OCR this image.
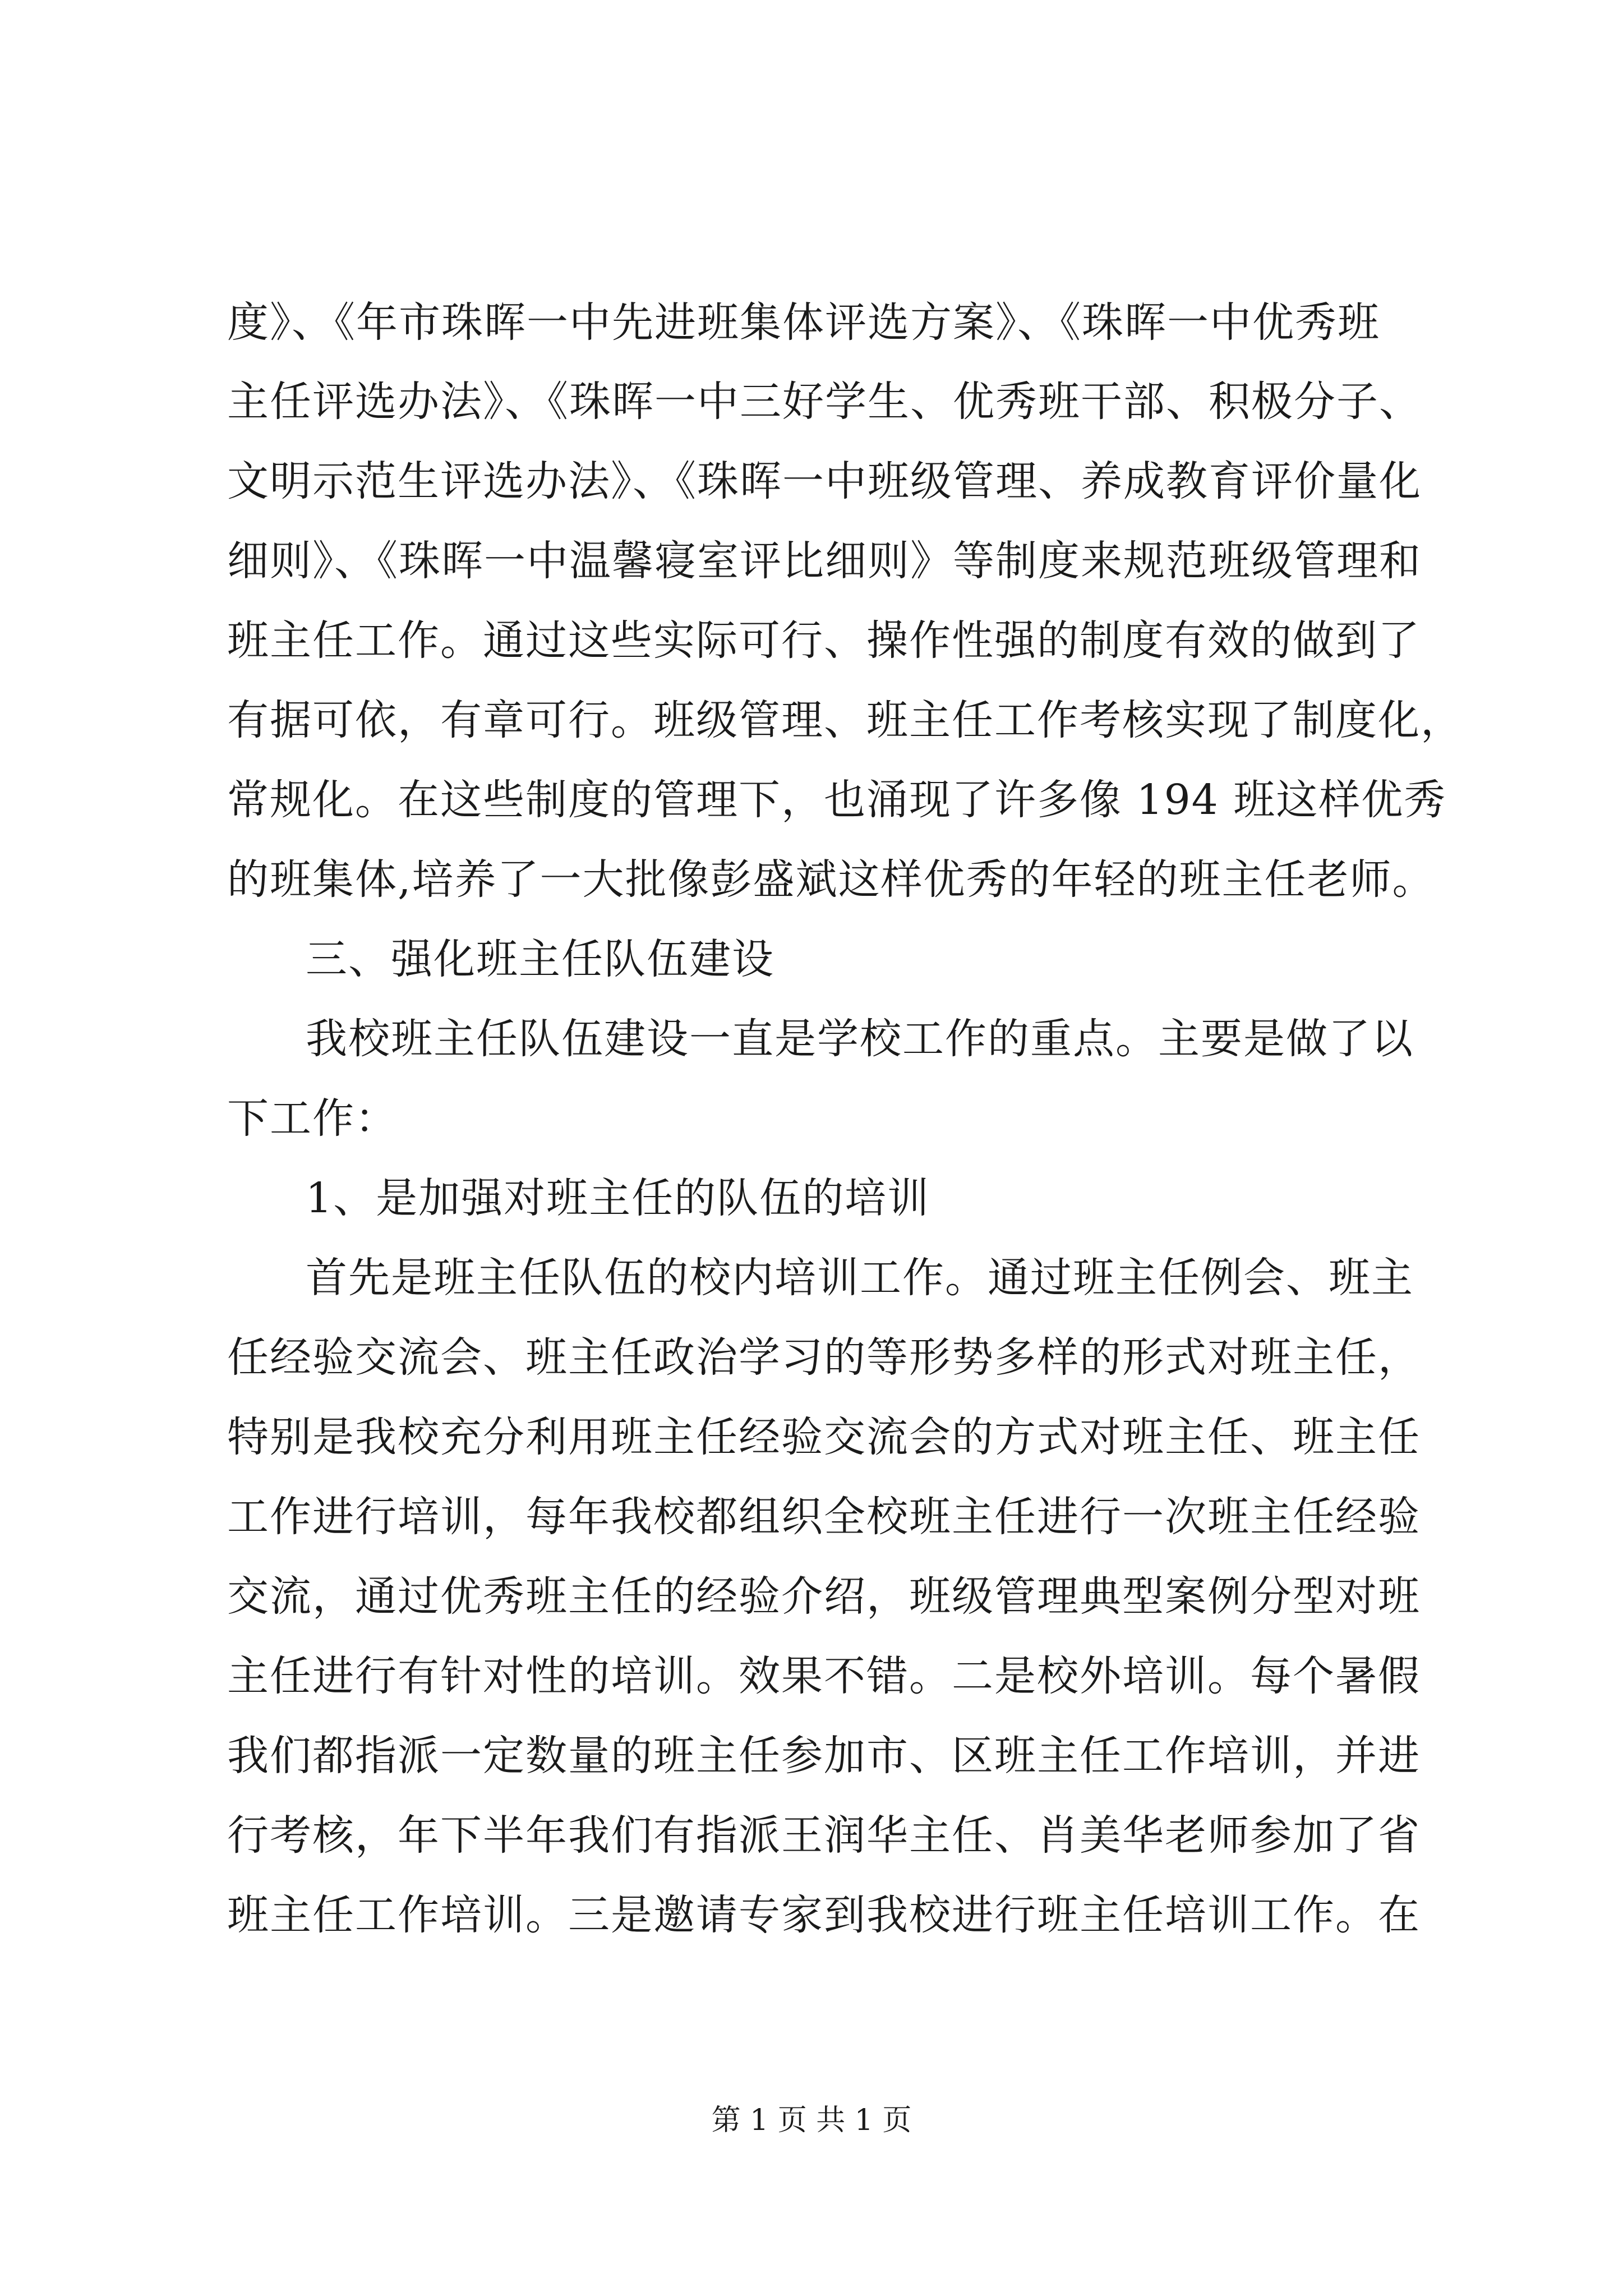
度》、《年市珠晖一中先进班集体评选方案》、《珠晖一中优秀班
主任评选办法》、《珠晖一中三好学生、优秀班干部、积极分子、
文明示范生评选办法》、《珠晖一中班级管理、养成教育评价量化
细则》、《珠晖一中温馨寝室评比细则》等制度来规范班级管理和
班主任工作。通过这些实际可行、操作性强的制度有效的做到了
有据可依，有章可行。班级管理、班主任工作考核实现了制度化，
常规化。在这些制度的管理下，也涌现了许多像 194 班这样优秀
的班集体,培养了一大批像彭盛斌这样优秀的年轻的班主任老师。
三、强化班主任队伍建设
我校班主任队伍建设一直是学校工作的重点。主要是做了以
下工作：
1、是加强对班主任的队伍的培训
首先是班主任队伍的校内培训工作。通过班主任例会、班主
任经验交流会、班主任政治学习的等形势多样的形式对班主任，
特别是我校充分利用班主任经验交流会的方式对班主任、班主任
工作进行培训，每年我校都组织全校班主任进行一次班主任经验
交流，通过优秀班主任的经验介绍，班级管理典型案例分型对班
主任进行有针对性的培训。效果不错。二是校外培训。每个暑假
我们都指派一定数量的班主任参加市、区班主任工作培训，并进
行考核，年下半年我们有指派王润华主任、肖美华老师参加了省
班主任工作培训。三是邀请专家到我校进行班主任培训工作。在
第 1 页 共 1 页
